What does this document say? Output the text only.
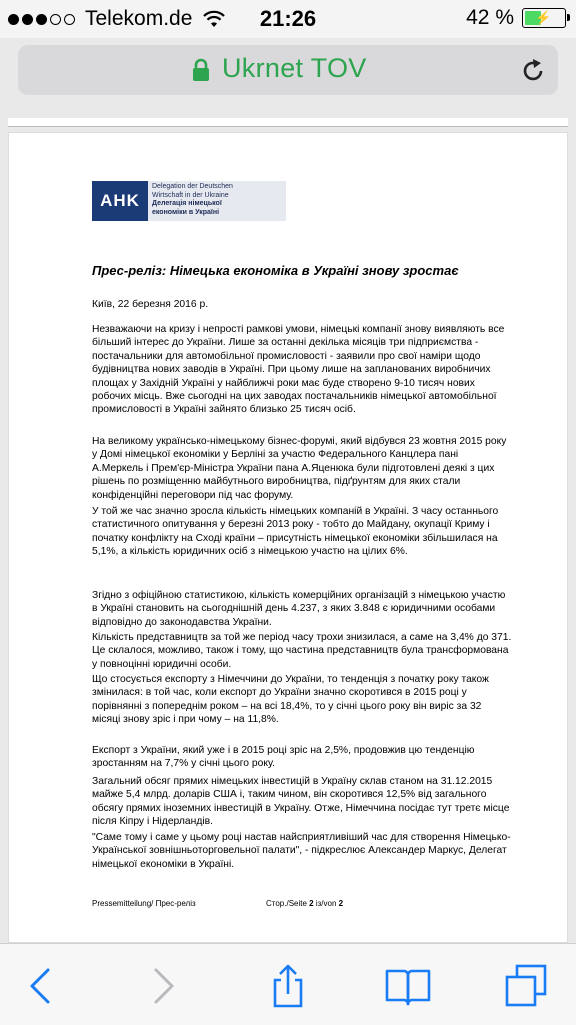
Telekom.de	21:26	42 % ⚡
Ukrnet TOV
AHK
Delegation der Deutschen
Wirtschaft in der Ukraine
Делегація німецької
економіки в Україні
Прес-реліз: Німецька економіка в Україні знову зростає
Київ, 22 березня 2016 р.

Незважаючи на кризу і непрості рамкові умови, німецькі компанії знову виявляють все більший інтерес до України. Лише за останні декілька місяців три підприємства - постачальники для автомобільної промисловості - заявили про свої наміри щодо будівництва нових заводів в Україні. При цьому лише на запланованих виробничих площах у Західній Україні у найближчі роки має буде створено 9-10 тисяч нових робочих місць. Вже сьогодні на цих заводах постачальників німецької автомобільної промисловості в Україні зайнято близько 25 тисяч осіб.

На великому українсько-німецькому бізнес-форумі, який відбувся 23 жовтня 2015 року у Домі німецької економіки у Берліні за участю Федерального Канцлера пані А.Меркель і Прем'єр-Міністра України пана А.Яценюка були підготовлені деякі з цих рішень по розміщенню майбутнього виробництва, підґрунтям для яких стали конфіденційні переговори під час форуму.

У той же час значно зросла кількість німецьких компаній в Україні. З часу останнього статистичного опитування у березні 2013 року - тобто до Майдану, окупації Криму і початку конфлікту на Сході країни – присутність німецької економіки збільшилася на 5,1%, а кількість юридичних осіб з німецькою участю на цілих 6%.

Згідно з офіційною статистикою, кількість комерційних організацій з німецькою участю в Україні становить на сьогоднішній день 4.237, з яких 3.848 є юридичними особами відповідно до законодавства України.

Кількість представництв за той же період часу трохи знизилася, а саме на 3,4% до 371. Це склалося, можливо, також і тому, що частина представництв була трансформована у повноцінні юридичні особи.

Що стосується експорту з Німеччини до України, то тенденція з початку року також змінилася: в той час, коли експорт до України значно скоротився в 2015 році у порівнянні з попереднім роком – на всі 18,4%, то у січні цього року він виріс за 32 місяці знову зріс і при чому – на 11,8%.

Експорт з України, який уже і в 2015 році зріс на 2,5%, продовжив цю тенденцію зростанням на 7,7% у січні цього року.

Загальний обсяг прямих німецьких інвестицій в Україну склав станом на 31.12.2015 майже 5,4 млрд. доларів США і, таким чином, він скоротився 12,5% від загального обсягу прямих іноземних інвестицій в Україну. Отже, Німеччина посідає тут третє місце після Кіпру і Нідерландів.

"Саме тому і саме у цьому році настав найсприятливіший час для створення Німецько-Української зовнішньоторговельної палати", - підкреслює Александер Маркус, Делегат німецької економіки в Україні.

Pressemitteilung/ Прес-реліз	Стор./Seite 2 із/von 2
